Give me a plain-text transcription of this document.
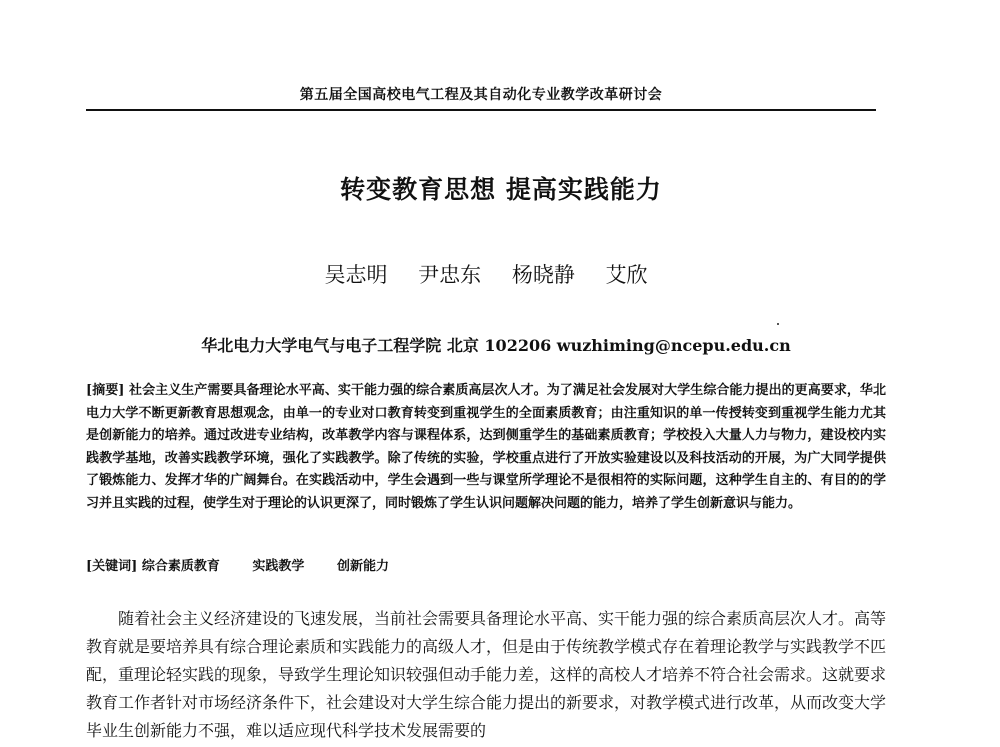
第五届全国高校电气工程及其自动化专业教学改革研讨会
转变教育思想 提高实践能力
吴志明 尹忠东 杨晓静 艾欣
华北电力大学电气与电子工程学院 北京 102206 wuzhiming@ncepu.edu.cn
[摘要] 社会主义生产需要具备理论水平高、实干能力强的综合素质高层次人才。为了满足社会发展对大学生综合能力提出的更高要求，华北电力大学不断更新教育思想观念，由单一的专业对口教育转变到重视学生的全面素质教育；由注重知识的单一传授转变到重视学生能力尤其是创新能力的培养。通过改进专业结构，改革教学内容与课程体系，达到侧重学生的基础素质教育；学校投入大量人力与物力，建设校内实践教学基地，改善实践教学环境，强化了实践教学。除了传统的实验，学校重点进行了开放实验建设以及科技活动的开展，为广大同学提供了锻炼能力、发挥才华的广阔舞台。在实践活动中，学生会遇到一些与课堂所学理论不是很相符的实际问题，这种学生自主的、有目的的学习并且实践的过程，使学生对于理论的认识更深了，同时锻炼了学生认识问题解决问题的能力，培养了学生创新意识与能力。
[关键词] 综合素质教育	实践教学	创新能力
随着社会主义经济建设的飞速发展，当前社会需要具备理论水平高、实干能力强的综合素质高层次人才。高等教育就是要培养具有综合理论素质和实践能力的高级人才，但是由于传统教学模式存在着理论教学与实践教学不匹配，重理论轻实践的现象，导致学生理论知识较强但动手能力差，这样的高校人才培养不符合社会需求。这就要求教育工作者针对市场经济条件下，社会建设对大学生综合能力提出的新要求，对教学模式进行改革，从而改变大学毕业生创新能力不强，难以适应现代科学技术发展需要的
